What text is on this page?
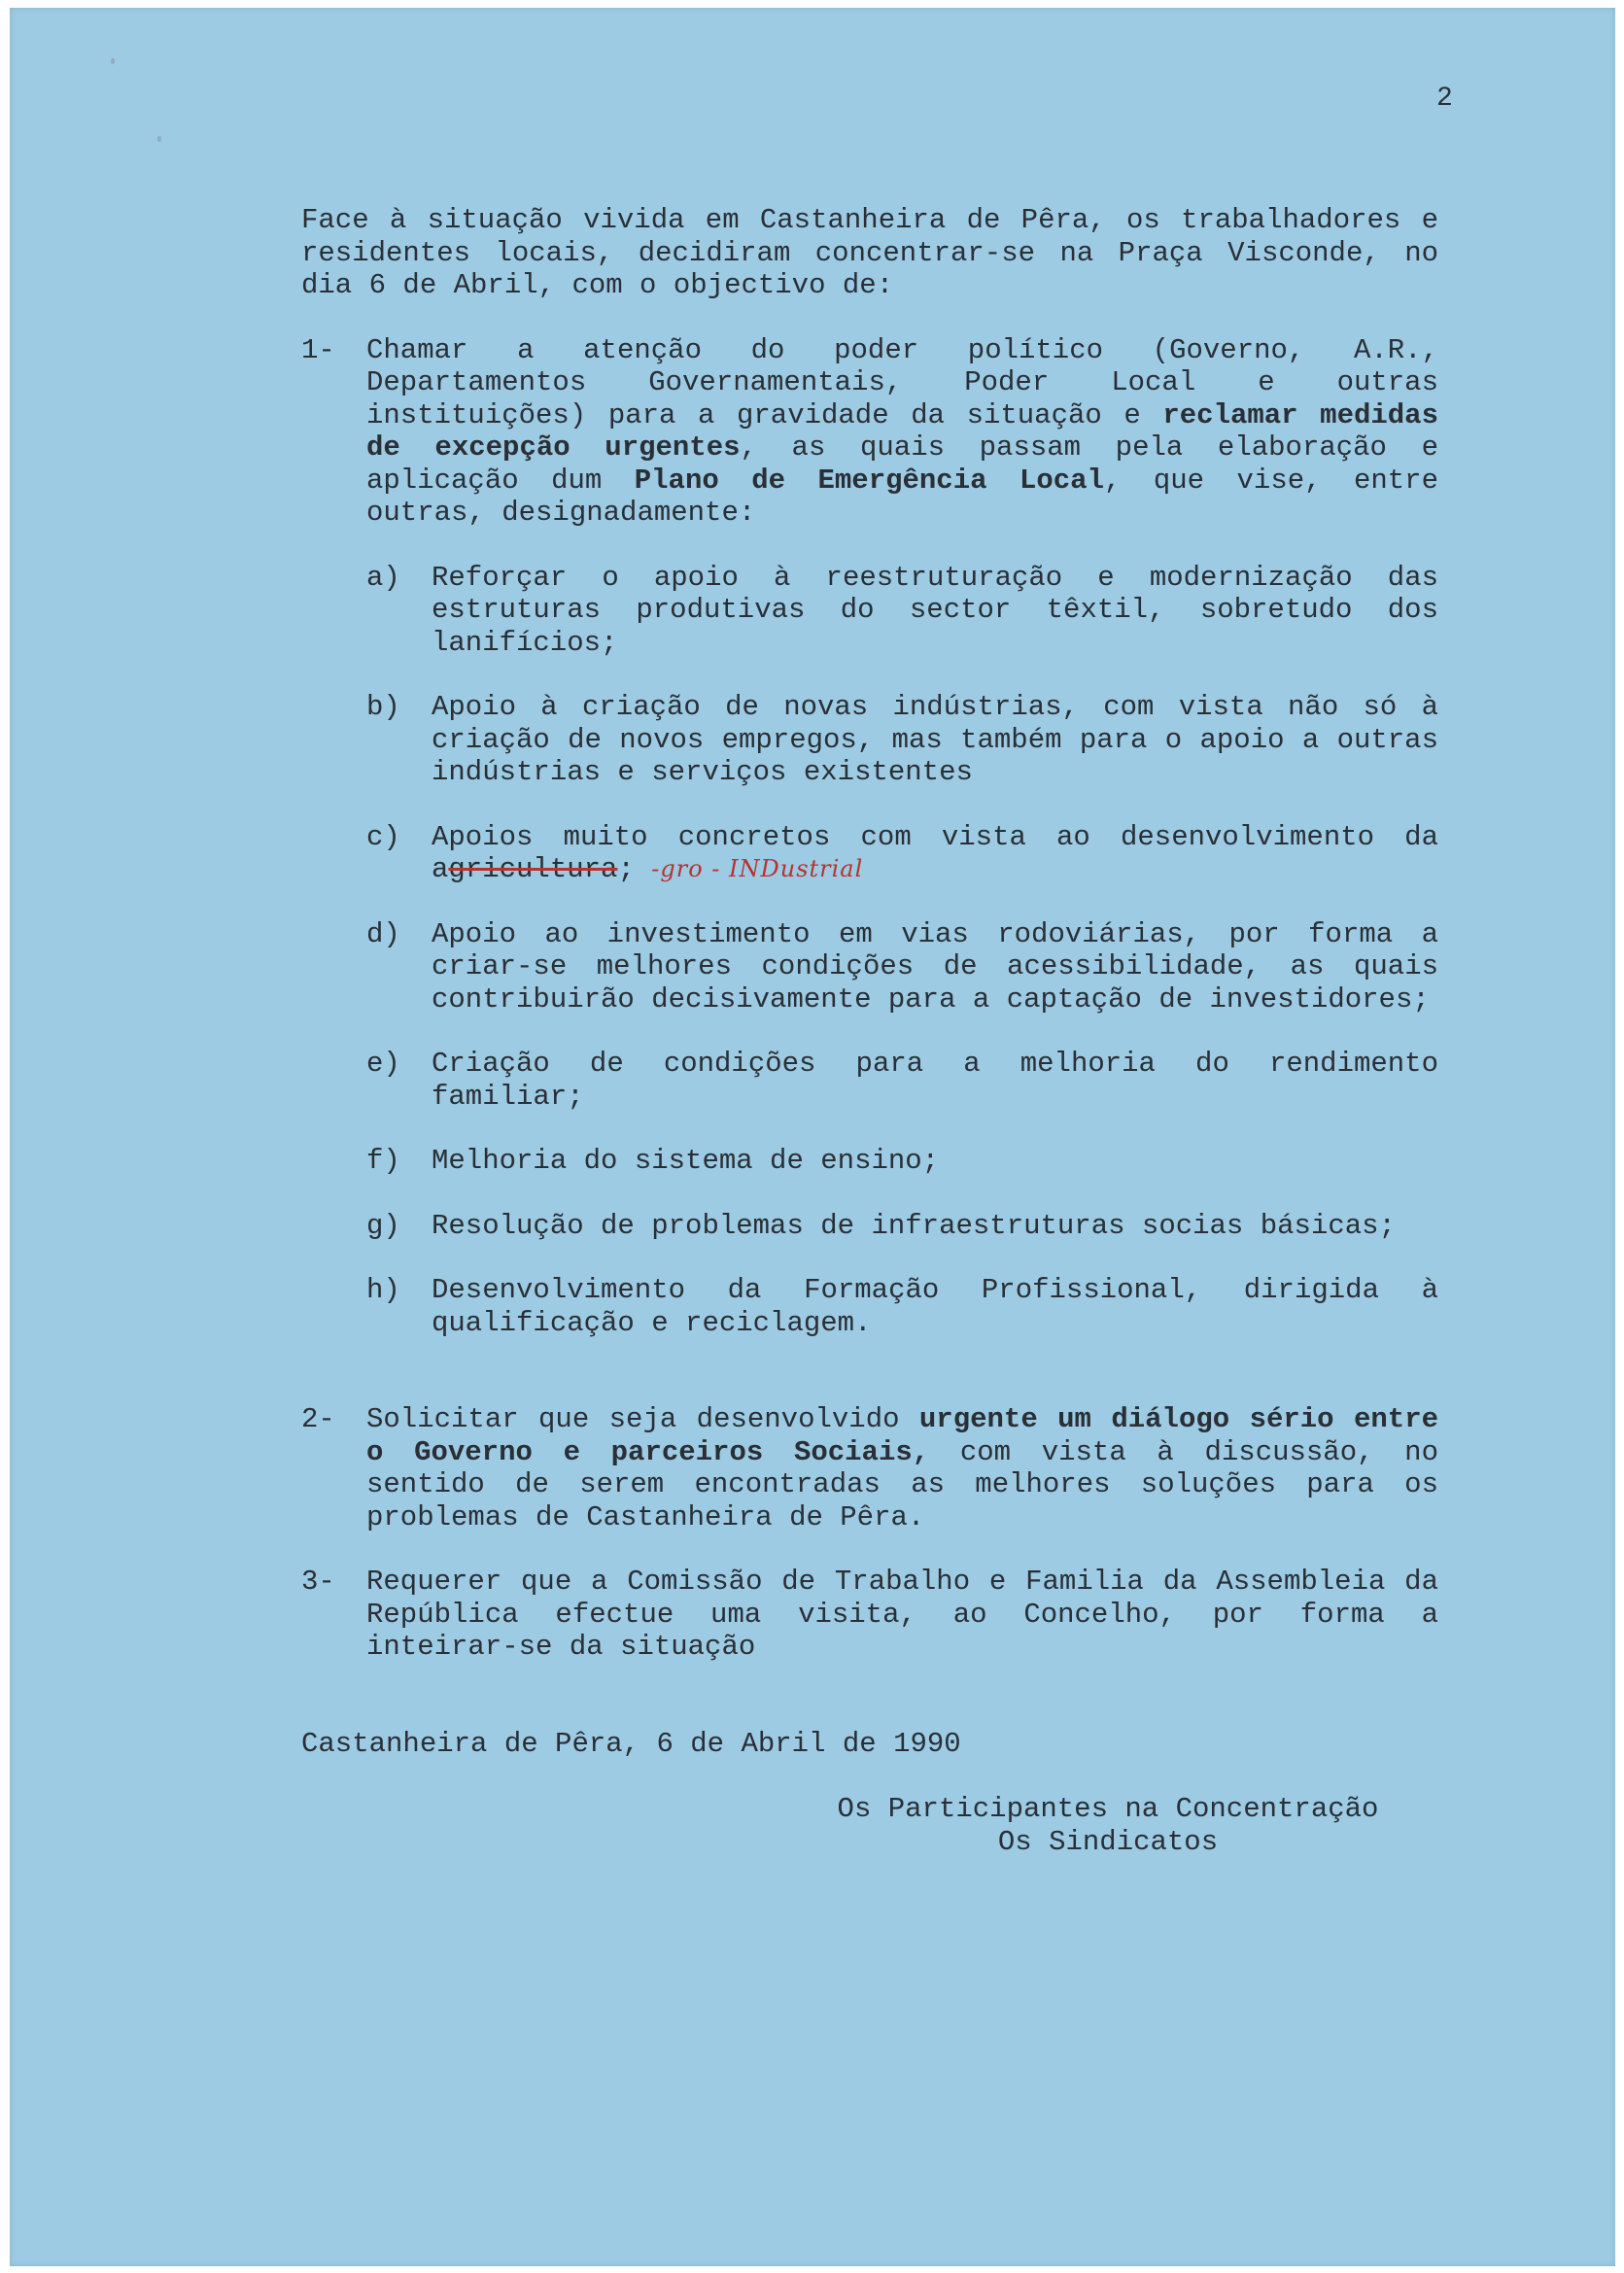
2

Face à situação vivida em Castanheira de Pêra, os trabalhadores e residentes locais, decidiram concentrar-se na Praça Visconde, no dia 6 de Abril, com o objectivo de:

1-	Chamar a atenção do poder político (Governo, A.R., Departamentos Governamentais, Poder Local e outras instituições) para a gravidade da situação e reclamar medidas de excepção urgentes, as quais passam pela elaboração e aplicação dum Plano de Emergência Local, que vise, entre outras, designadamente:
a)	Reforçar o apoio à reestruturação e modernização das estruturas produtivas do sector têxtil, sobretudo dos lanifícios;
b)	Apoio à criação de novas indústrias, com vista não só à criação de novos empregos, mas também para o apoio a outras indústrias e serviços existentes
c)	Apoios muito concretos com vista ao desenvolvimento da agricultura; -gro - INDustrial
d)	Apoio ao investimento em vias rodoviárias, por forma a criar-se melhores condições de acessibilidade, as quais contribuirão decisivamente para a captação de investidores;
e)	Criação de condições para a melhoria do rendimento familiar;
f)	Melhoria do sistema de ensino;
g)	Resolução de problemas de infraestruturas socias básicas;
h)	Desenvolvimento da Formação Profissional, dirigida à qualificação e reciclagem.
2-	Solicitar que seja desenvolvido urgente um diálogo sério entre o Governo e parceiros Sociais, com vista à discussão, no sentido de serem encontradas as melhores soluções para os problemas de Castanheira de Pêra.
3-	Requerer que a Comissão de Trabalho e Familia da Assembleia da República efectue uma visita, ao Concelho, por forma a inteirar-se da situação
Castanheira de Pêra, 6 de Abril de 1990
Os Participantes na Concentração
Os Sindicatos
